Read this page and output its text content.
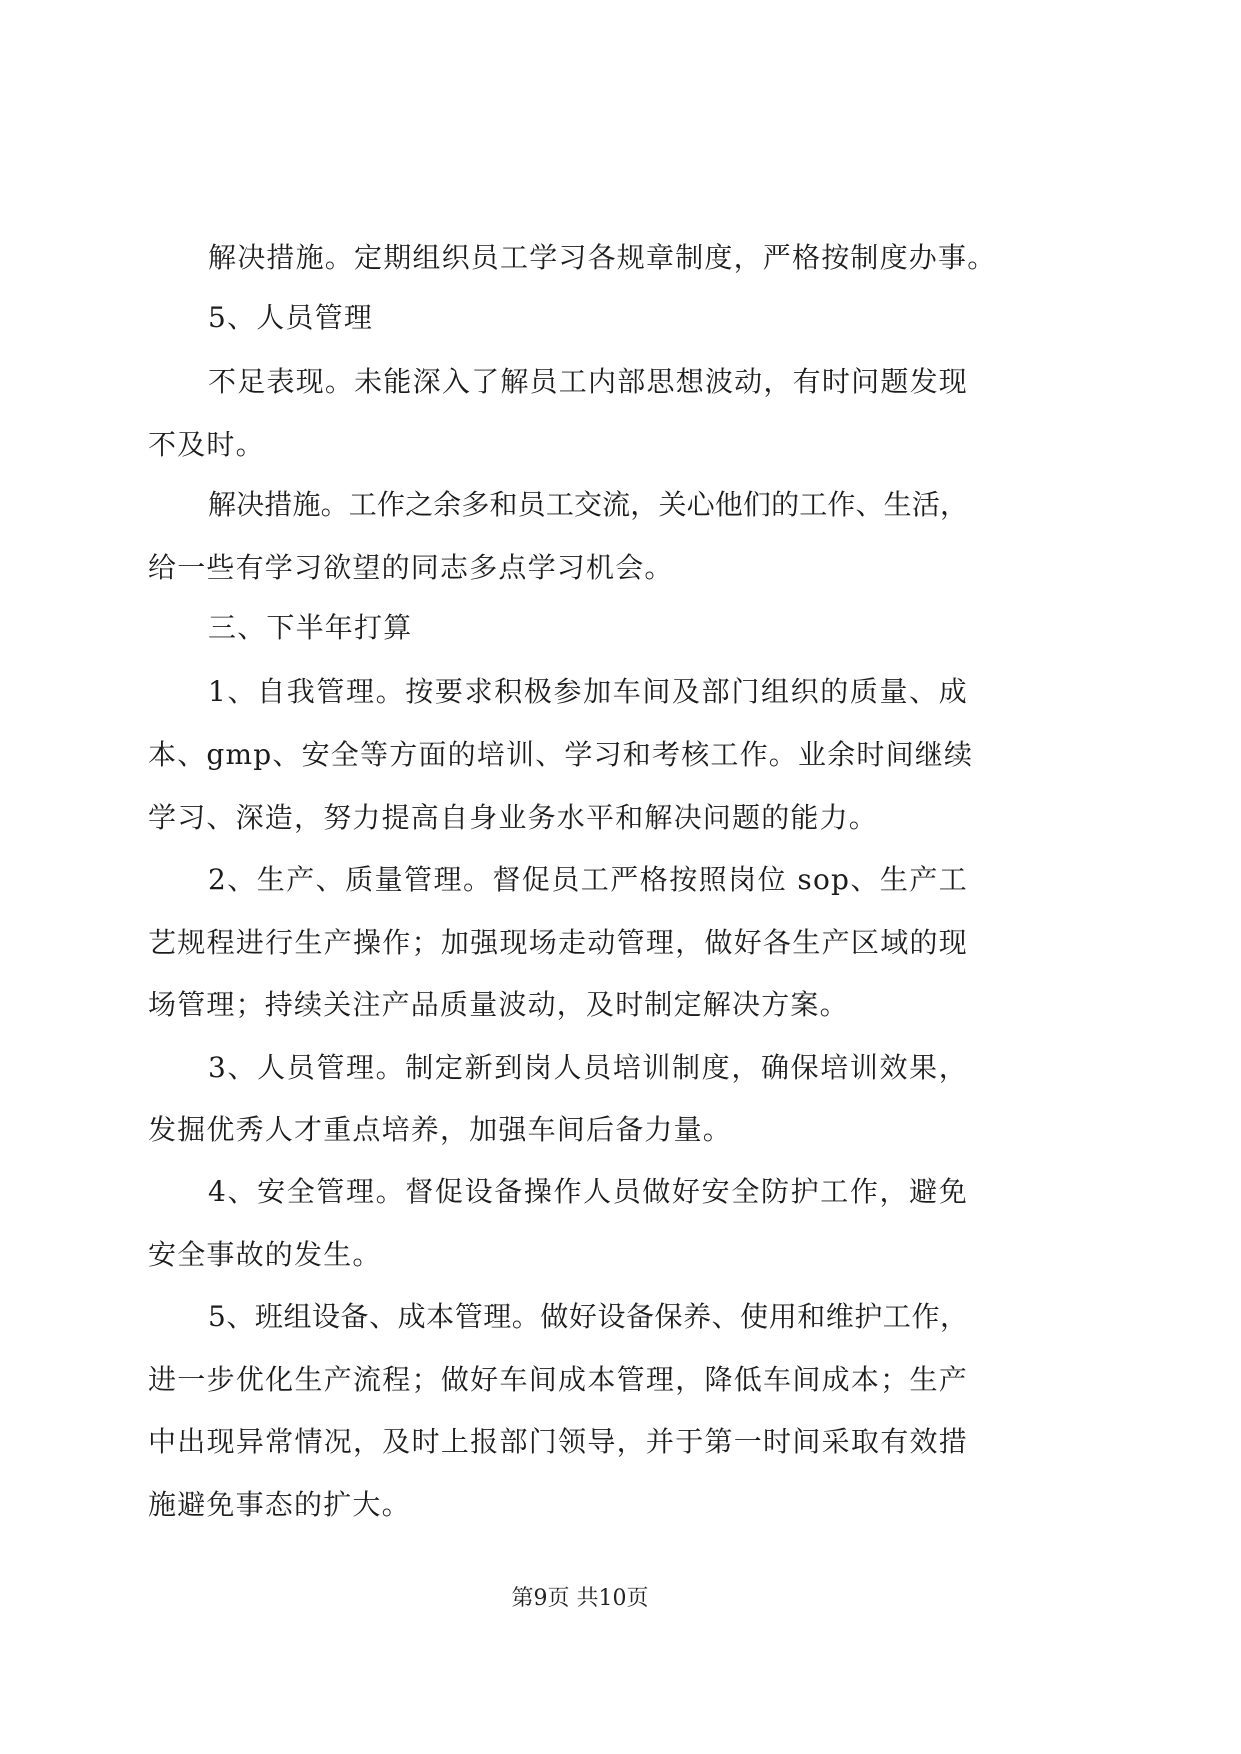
解决措施。定期组织员工学习各规章制度，严格按制度办事。
5、人员管理
不足表现。未能深入了解员工内部思想波动，有时问题发现
不及时。
解决措施。工作之余多和员工交流，关心他们的工作、生活，
给一些有学习欲望的同志多点学习机会。
三、下半年打算
1、自我管理。按要求积极参加车间及部门组织的质量、成
本、gmp、安全等方面的培训、学习和考核工作。业余时间继续
学习、深造，努力提高自身业务水平和解决问题的能力。
2、生产、质量管理。督促员工严格按照岗位 sop、生产工
艺规程进行生产操作；加强现场走动管理，做好各生产区域的现
场管理；持续关注产品质量波动，及时制定解决方案。
3、人员管理。制定新到岗人员培训制度，确保培训效果，
发掘优秀人才重点培养，加强车间后备力量。
4、安全管理。督促设备操作人员做好安全防护工作，避免
安全事故的发生。
5、班组设备、成本管理。做好设备保养、使用和维护工作，
进一步优化生产流程；做好车间成本管理，降低车间成本；生产
中出现异常情况，及时上报部门领导，并于第一时间采取有效措
施避免事态的扩大。
第9页 共10页
